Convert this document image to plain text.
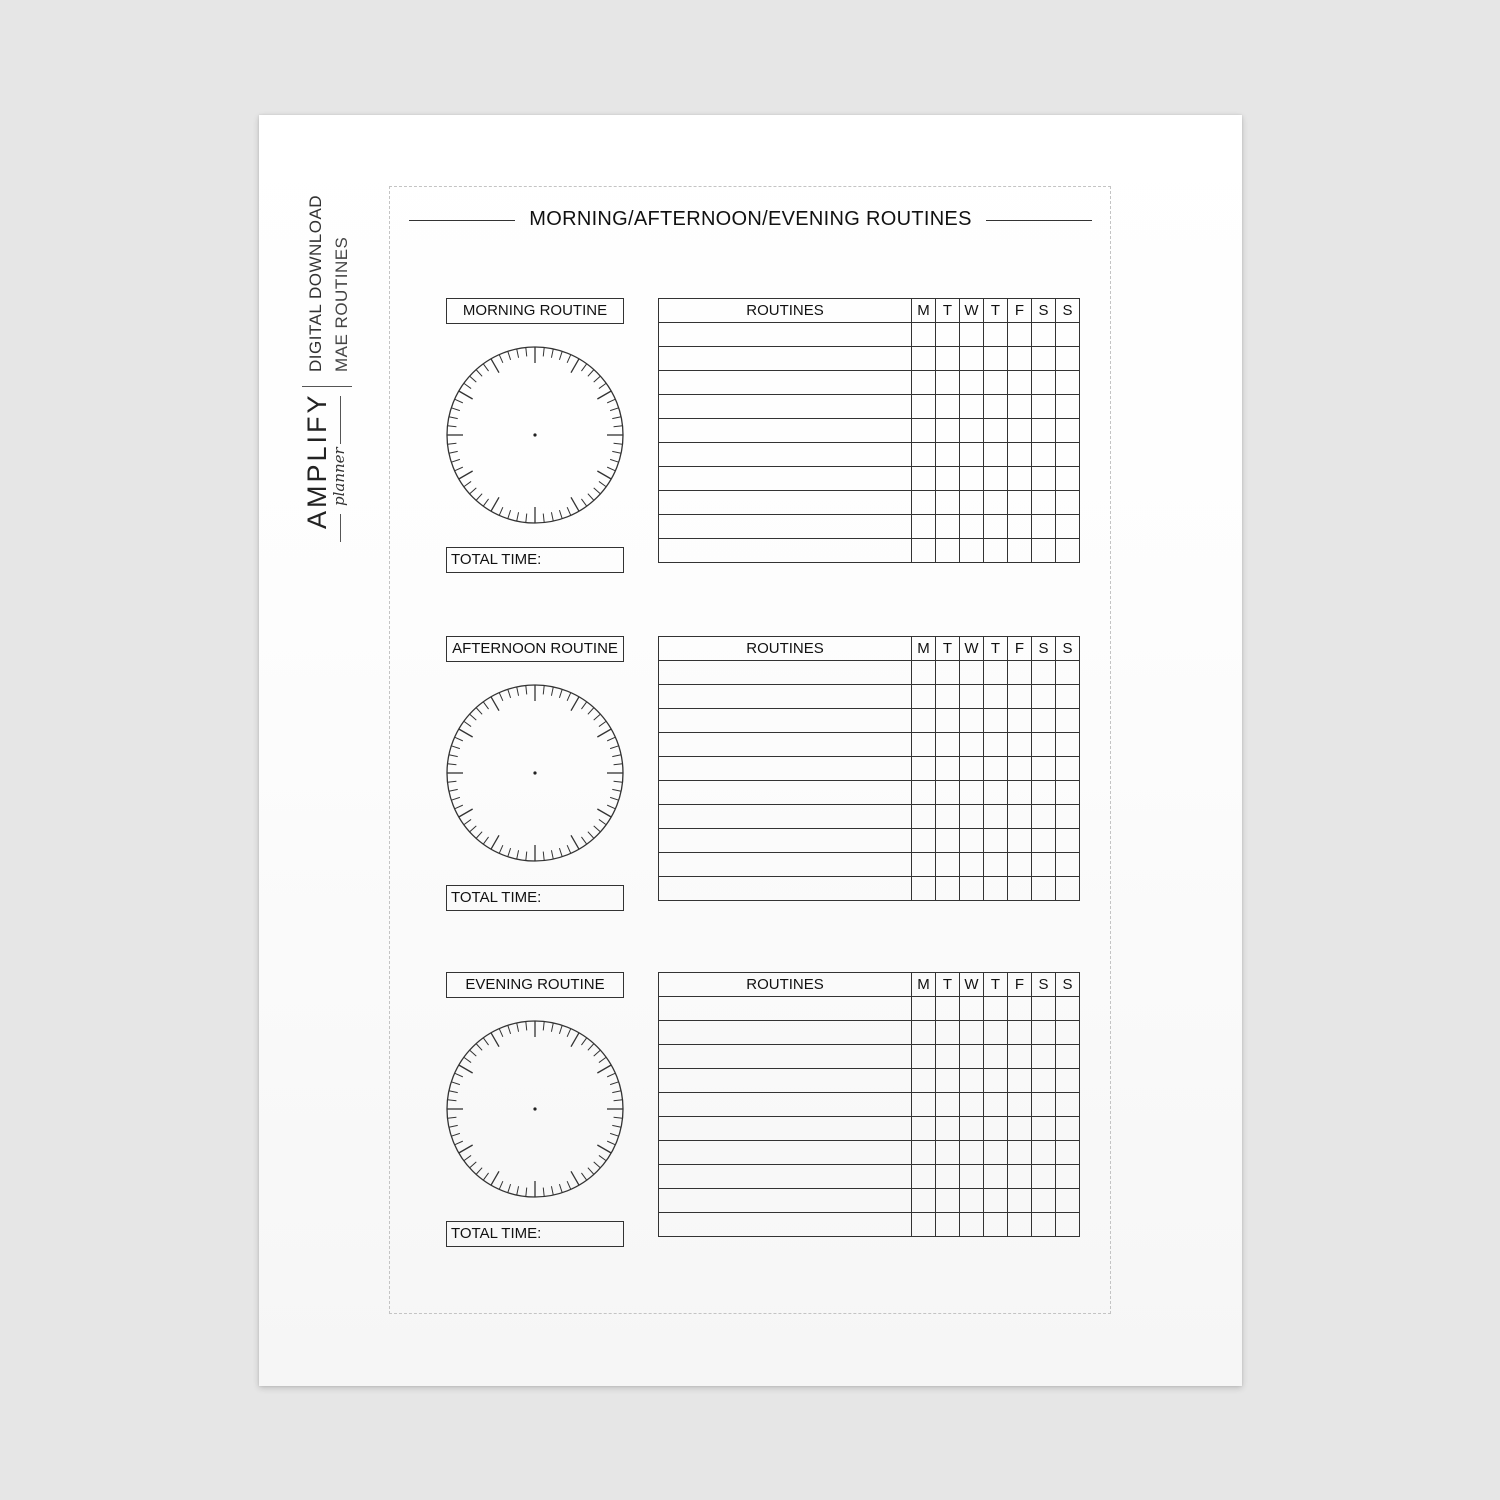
AMPLIFY
planner
DIGITAL DOWNLOAD MAE ROUTINES
MORNING/AFTERNOON/EVENING ROUTINES
MORNING ROUTINE
TOTAL TIME:
ROUTINES	M	T	W	T	F	S	S

AFTERNOON ROUTINE
TOTAL TIME:
ROUTINES	M	T	W	T	F	S	S

EVENING ROUTINE
TOTAL TIME:
ROUTINES	M	T	W	T	F	S	S
